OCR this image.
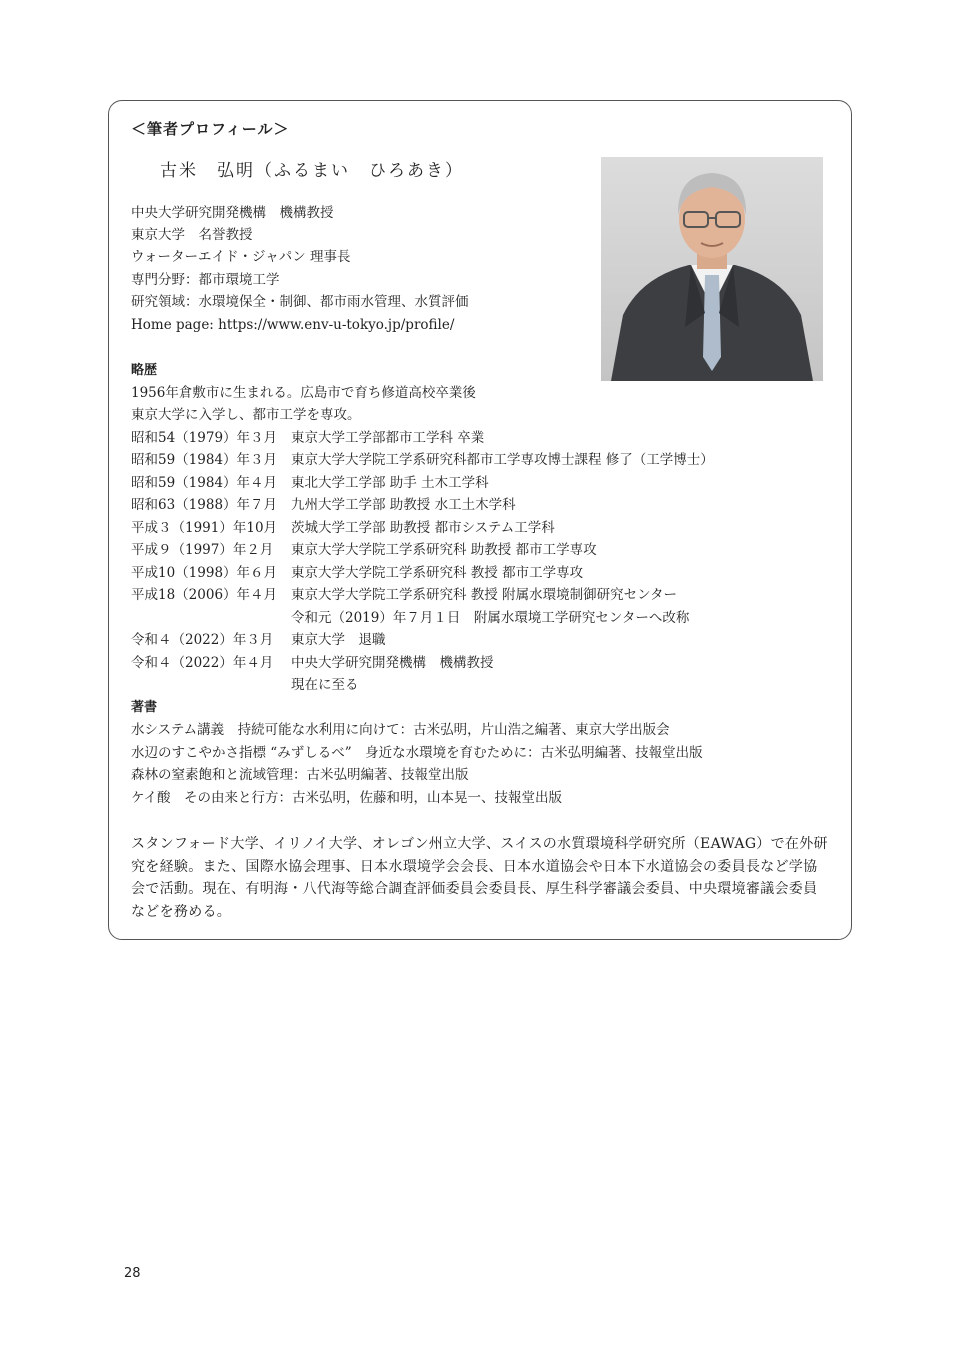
＜筆者プロフィール＞
古米　弘明（ふるまい　ひろあき）
中央大学研究開発機構　機構教授
東京大学　名誉教授
ウォーターエイド・ジャパン 理事長
専門分野：都市環境工学
研究領域：水環境保全・制御、都市雨水管理、水質評価
Home page: https://www.env-u-tokyo.jp/profile/
略歴
1956年倉敷市に生まれる。広島市で育ち修道高校卒業後
東京大学に入学し、都市工学を専攻。
昭和54（1979）年３月 東京大学工学部都市工学科 卒業
昭和59（1984）年３月 東京大学大学院工学系研究科都市工学専攻博士課程 修了（工学博士）
昭和59（1984）年４月 東北大学工学部 助手 土木工学科
昭和63（1988）年７月 九州大学工学部 助教授 水工土木学科
平成３（1991）年10月 茨城大学工学部 助教授 都市システム工学科
平成９（1997）年２月 東京大学大学院工学系研究科 助教授 都市工学専攻
平成10（1998）年６月 東京大学大学院工学系研究科 教授 都市工学専攻
平成18（2006）年４月 東京大学大学院工学系研究科 教授 附属水環境制御研究センター
令和元（2019）年７月１日　附属水環境工学研究センターへ改称
令和４（2022）年３月 東京大学　退職
令和４（2022）年４月 中央大学研究開発機構　機構教授
現在に至る
著書
水システム講義　持続可能な水利用に向けて：古米弘明，片山浩之編著、東京大学出版会
水辺のすこやかさ指標 “みずしるべ”　身近な水環境を育むために：古米弘明編著、技報堂出版
森林の窒素飽和と流域管理：古米弘明編著、技報堂出版
ケイ酸　その由来と行方：古米弘明，佐藤和明，山本晃一、技報堂出版
スタンフォード大学、イリノイ大学、オレゴン州立大学、スイスの水質環境科学研究所（EAWAG）で在外研究を経験。また、国際水協会理事、日本水環境学会会長、日本水道協会や日本下水道協会の委員長など学協会で活動。現在、有明海・八代海等総合調査評価委員会委員長、厚生科学審議会委員、中央環境審議会委員などを務める。
28
